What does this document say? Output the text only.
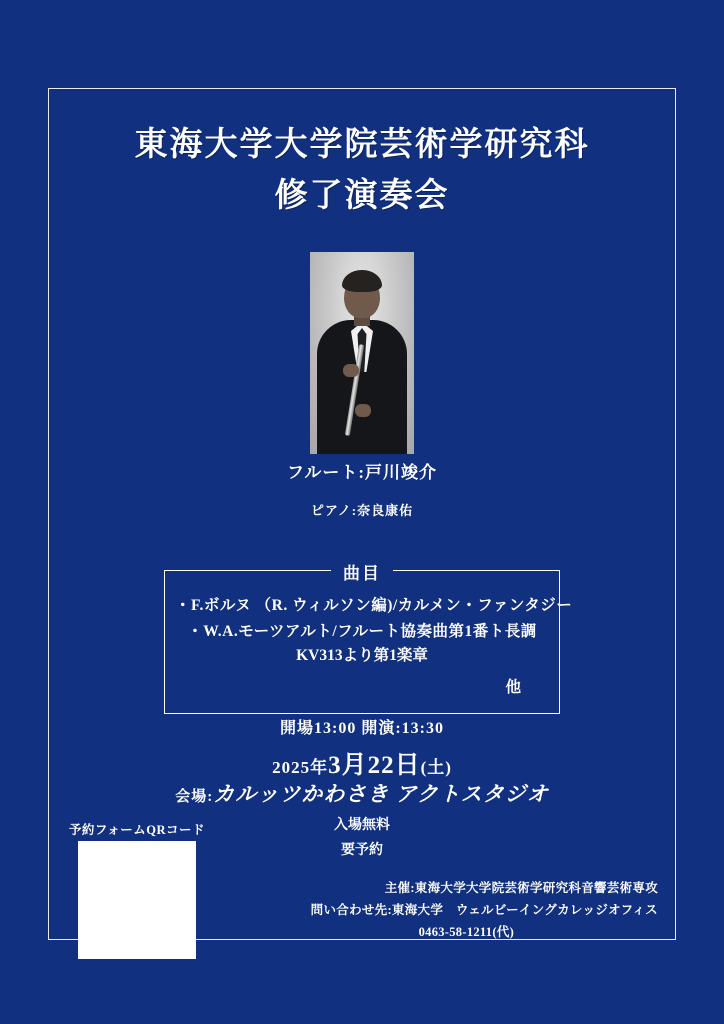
東海大学大学院芸術学研究科
修了演奏会
フルート:戸川竣介
ピアノ:奈良康佑
曲目
・F.ボルヌ （R. ウィルソン編)/カルメン・ファンタジー
・W.A.モーツアルト/フルート協奏曲第1番ト長調
KV313より第1楽章
他
開場13:00 開演:13:30
2025年3月22日(土)
会場:カルッツかわさき アクトスタジオ
入場無料
要予約
予約フォームQRコード
主催:東海大学大学院芸術学研究科音響芸術専攻
問い合わせ先:東海大学　ウェルビーイングカレッジオフィス
0463-58-1211(代)
